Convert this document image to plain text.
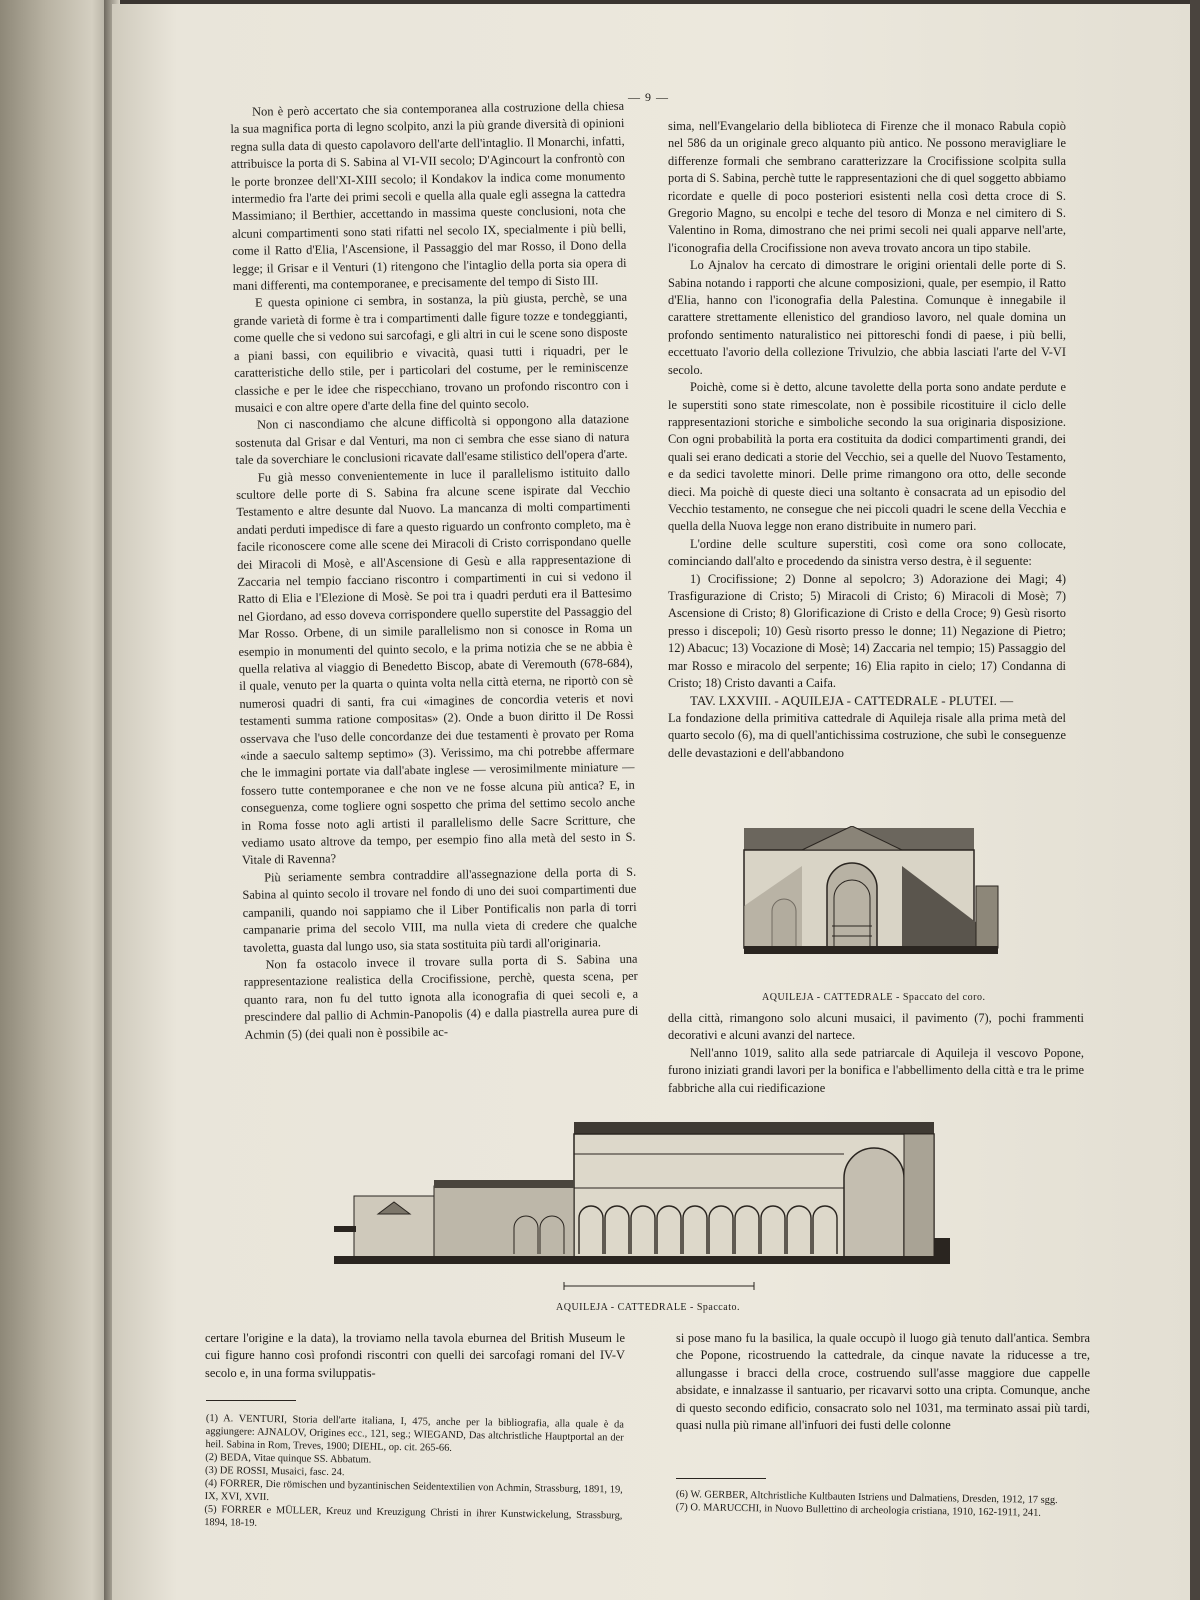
— 9 —

Non è però accertato che sia contemporanea alla costruzione della chiesa la sua magnifica porta di legno scolpito, anzi la più grande diversità di opinioni regna sulla data di questo capolavoro dell'arte dell'intaglio. Il Monarchi, infatti, attribuisce la porta di S. Sabina al VI-VII secolo; D'Agincourt la confrontò con le porte bronzee dell'XI-XIII secolo; il Kondakov la indica come monumento intermedio fra l'arte dei primi secoli e quella alla quale egli assegna la cattedra Massimiano; il Berthier, accettando in massima queste conclusioni, nota che alcuni compartimenti sono stati rifatti nel secolo IX, specialmente i più belli, come il Ratto d'Elia, l'Ascensione, il Passaggio del mar Rosso, il Dono della legge; il Grisar e il Venturi (1) ritengono che l'intaglio della porta sia opera di mani differenti, ma contemporanee, e precisamente del tempo di Sisto III.

E questa opinione ci sembra, in sostanza, la più giusta, perchè, se una grande varietà di forme è tra i compartimenti dalle figure tozze e tondeggianti, come quelle che si vedono sui sarcofagi, e gli altri in cui le scene sono disposte a piani bassi, con equilibrio e vivacità, quasi tutti i riquadri, per le caratteristiche dello stile, per i particolari del costume, per le reminiscenze classiche e per le idee che rispecchiano, trovano un profondo riscontro con i musaici e con altre opere d'arte della fine del quinto secolo.

Non ci nascondiamo che alcune difficoltà si oppongono alla datazione sostenuta dal Grisar e dal Venturi, ma non ci sembra che esse siano di natura tale da soverchiare le conclusioni ricavate dall'esame stilistico dell'opera d'arte.

Fu già messo convenientemente in luce il parallelismo istituito dallo scultore delle porte di S. Sabina fra alcune scene ispirate dal Vecchio Testamento e altre desunte dal Nuovo. La mancanza di molti compartimenti andati perduti impedisce di fare a questo riguardo un confronto completo, ma è facile riconoscere come alle scene dei Miracoli di Cristo corrispondano quelle dei Miracoli di Mosè, e all'Ascensione di Gesù e alla rappresentazione di Zaccaria nel tempio facciano riscontro i compartimenti in cui si vedono il Ratto di Elia e l'Elezione di Mosè. Se poi tra i quadri perduti era il Battesimo nel Giordano, ad esso doveva corrispondere quello superstite del Passaggio del Mar Rosso. Orbene, di un simile parallelismo non si conosce in Roma un esempio in monumenti del quinto secolo, e la prima notizia che se ne abbia è quella relativa al viaggio di Benedetto Biscop, abate di Veremouth (678-684), il quale, venuto per la quarta o quinta volta nella città eterna, ne riportò con sè numerosi quadri di santi, fra cui «imagines de concordia veteris et novi testamenti summa ratione compositas» (2). Onde a buon diritto il De Rossi osservava che l'uso delle concordanze dei due testamenti è provato per Roma «inde a saeculo saltemp septimo» (3). Verissimo, ma chi potrebbe affermare che le immagini portate via dall'abate inglese — verosimilmente miniature — fossero tutte contemporanee e che non ve ne fosse alcuna più antica? E, in conseguenza, come togliere ogni sospetto che prima del settimo secolo anche in Roma fosse noto agli artisti il parallelismo delle Sacre Scritture, che vediamo usato altrove da tempo, per esempio fino alla metà del sesto in S. Vitale di Ravenna?

Più seriamente sembra contraddire all'assegnazione della porta di S. Sabina al quinto secolo il trovare nel fondo di uno dei suoi compartimenti due campanili, quando noi sappiamo che il Liber Pontificalis non parla di torri campanarie prima del secolo VIII, ma nulla vieta di credere che qualche tavoletta, guasta dal lungo uso, sia stata sostituita più tardi all'originaria.

Non fa ostacolo invece il trovare sulla porta di S. Sabina una rappresentazione realistica della Crocifissione, perchè, questa scena, per quanto rara, non fu del tutto ignota alla iconografia di quei secoli e, a prescindere dal pallio di Achmin-Panopolis (4) e dalla piastrella aurea pure di Achmin (5) (dei quali non è possibile ac-

sima, nell'Evangelario della biblioteca di Firenze che il monaco Rabula copiò nel 586 da un originale greco alquanto più antico. Ne possono meravigliare le differenze formali che sembrano caratterizzare la Crocifissione scolpita sulla porta di S. Sabina, perchè tutte le rappresentazioni che di quel soggetto abbiamo ricordate e quelle di poco posteriori esistenti nella così detta croce di S. Gregorio Magno, su encolpi e teche del tesoro di Monza e nel cimitero di S. Valentino in Roma, dimostrano che nei primi secoli nei quali apparve nell'arte, l'iconografia della Crocifissione non aveva trovato ancora un tipo stabile.

Lo Ajnalov ha cercato di dimostrare le origini orientali delle porte di S. Sabina notando i rapporti che alcune composizioni, quale, per esempio, il Ratto d'Elia, hanno con l'iconografia della Palestina. Comunque è innegabile il carattere strettamente ellenistico del grandioso lavoro, nel quale domina un profondo sentimento naturalistico nei pittoreschi fondi di paese, i più belli, eccettuato l'avorio della collezione Trivulzio, che abbia lasciati l'arte del V-VI secolo.

Poichè, come si è detto, alcune tavolette della porta sono andate perdute e le superstiti sono state rimescolate, non è possibile ricostituire il ciclo delle rappresentazioni storiche e simboliche secondo la sua originaria disposizione. Con ogni probabilità la porta era costituita da dodici compartimenti grandi, dei quali sei erano dedicati a storie del Vecchio, sei a quelle del Nuovo Testamento, e da sedici tavolette minori. Delle prime rimangono ora otto, delle seconde dieci. Ma poichè di queste dieci una soltanto è consacrata ad un episodio del Vecchio testamento, ne consegue che nei piccoli quadri le scene della Vecchia e quella della Nuova legge non erano distribuite in numero pari.

L'ordine delle sculture superstiti, così come ora sono collocate, cominciando dall'alto e procedendo da sinistra verso destra, è il seguente:

1) Crocifissione; 2) Donne al sepolcro; 3) Adorazione dei Magi; 4) Trasfigurazione di Cristo; 5) Miracoli di Cristo; 6) Miracoli di Mosè; 7) Ascensione di Cristo; 8) Glorificazione di Cristo e della Croce; 9) Gesù risorto presso i discepoli; 10) Gesù risorto presso le donne; 11) Negazione di Pietro; 12) Abacuc; 13) Vocazione di Mosè; 14) Zaccaria nel tempio; 15) Passaggio del mar Rosso e miracolo del serpente; 16) Elia rapito in cielo; 17) Condanna di Cristo; 18) Cristo davanti a Caifa.

TAV. LXXVIII. - AQUILEJA - CATTEDRALE - PLUTEI. —

La fondazione della primitiva cattedrale di Aquileja risale alla prima metà del quarto secolo (6), ma di quell'antichissima costruzione, che subì le conseguenze delle devastazioni e dell'abbandono

AQUILEJA - CATTEDRALE - Spaccato del coro.

della città, rimangono solo alcuni musaici, il pavimento (7), pochi frammenti decorativi e alcuni avanzi del nartece.

Nell'anno 1019, salito alla sede patriarcale di Aquileja il vescovo Popone, furono iniziati grandi lavori per la bonifica e l'abbellimento della città e tra le prime fabbriche alla cui riedificazione

AQUILEJA - CATTEDRALE - Spaccato.

certare l'origine e la data), la troviamo nella tavola eburnea del British Museum le cui figure hanno così profondi riscontri con quelli dei sarcofagi romani del IV-V secolo e, in una forma sviluppatis-

si pose mano fu la basilica, la quale occupò il luogo già tenuto dall'antica. Sembra che Popone, ricostruendo la cattedrale, da cinque navate la riducesse a tre, allungasse i bracci della croce, costruendo sull'asse maggiore due cappelle absidate, e innalzasse il santuario, per ricavarvi sotto una cripta. Comunque, anche di questo secondo edificio, consacrato solo nel 1031, ma terminato assai più tardi, quasi nulla più rimane all'infuori dei fusti delle colonne

(1) A. VENTURI, Storia dell'arte italiana, I, 475, anche per la bibliografia, alla quale è da aggiungere: AJNALOV, Origines ecc., 121, seg.; WIEGAND, Das altchristliche Hauptportal an der heil. Sabina in Rom, Treves, 1900; DIEHL, op. cit. 265-66.
(2) BEDA, Vitae quinque SS. Abbatum.
(3) DE ROSSI, Musaici, fasc. 24.
(4) FORRER, Die römischen und byzantinischen Seidentextilien von Achmin, Strassburg, 1891, 19, IX, XVI, XVII.
(5) FORRER e MÜLLER, Kreuz und Kreuzigung Christi in ihrer Kunstwickelung, Strassburg, 1894, 18-19.
(6) W. GERBER, Altchristliche Kultbauten Istriens und Dalmatiens, Dresden, 1912, 17 sgg.
(7) O. MARUCCHI, in Nuovo Bullettino di archeologia cristiana, 1910, 162-1911, 241.
